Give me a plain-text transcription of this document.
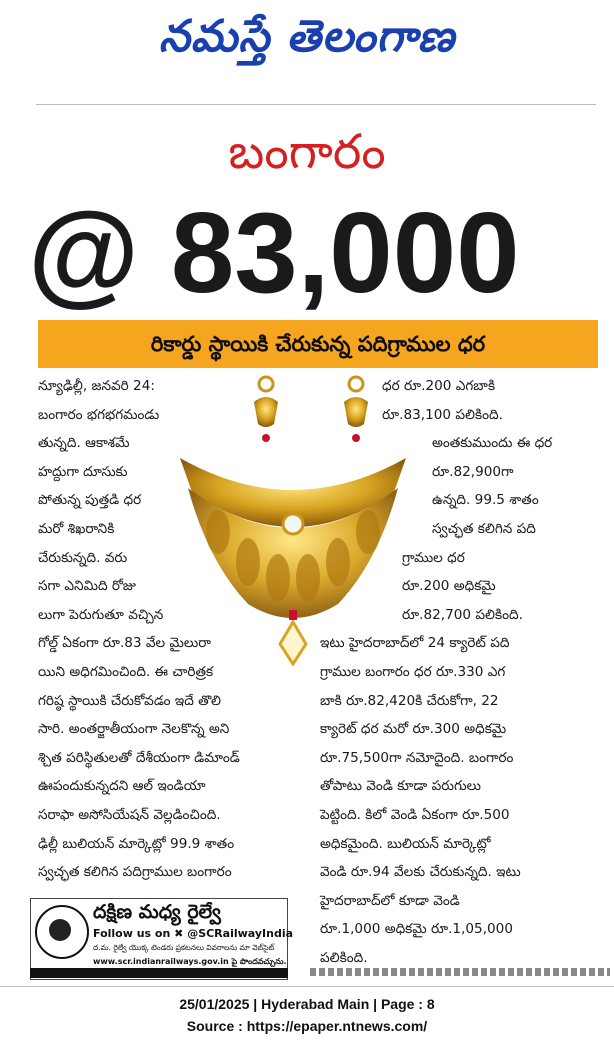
నమస్తే తెలంగాణ
బంగారం
@ 83,000
రికార్డు స్థాయికి చేరుకున్న పదిగ్రాముల ధర

న్యూఢిల్లీ, జనవరి 24:

బంగారం భగభగమండు

తున్నది. ఆకాశమే

హద్దుగా దూసుకు

పోతున్న పుత్తడి ధర

మరో శిఖరానికి

చేరుకున్నది. వరు

సగా ఎనిమిది రోజు

లుగా పెరుగుతూ వచ్చిన

గోల్డ్ ఏకంగా రూ.83 వేల మైలురా

యిని అధిగమించింది. ఈ చారిత్రక

గరిష్ఠ స్థాయికి చేరుకోవడం ఇదే తొలి

సారి. అంతర్జాతీయంగా నెలకొన్న అని

శ్చిత పరిస్థితులతో దేశీయంగా డిమాండ్

ఊపందుకున్నదని ఆల్ ఇండియా

సరాఫా అసోసియేషన్ వెల్లడించింది.

ఢిల్లీ బులియన్ మార్కెట్లో 99.9 శాతం

స్వచ్ఛత కలిగిన పదిగ్రాముల బంగారం

ధర రూ.200 ఎగబాకి

రూ.83,100 పలికింది.

అంతకుముందు ఈ ధర

రూ.82,900గా

ఉన్నది. 99.5 శాతం

స్వచ్ఛత కలిగిన పది

గ్రాముల ధర

రూ.200 అధికమై

రూ.82,700 పలికింది.

ఇటు హైదరాబాద్‌లో 24 క్యారెట్ పది

గ్రాముల బంగారం ధర రూ.330 ఎగ

బాకి రూ.82,420కి చేరుకోగా, 22

క్యారెట్ ధర మరో రూ.300 అధికమై

రూ.75,500గా నమోదైంది. బంగారం

తోపాటు వెండి కూడా పరుగులు

పెట్టింది. కిలో వెండి ఏకంగా రూ.500

అధికమైంది. బులియన్ మార్కెట్లో

వెండి రూ.94 వేలకు చేరుకున్నది. ఇటు

హైదరాబాద్‌లో కూడా వెండి

రూ.1,000 అధికమై రూ.1,05,000

పలికింది.

దక్షిణ మధ్య రైల్వే
Follow us on ✖ @SCRailwayIndia
ద.మ. రైల్వే యొక్క టెండరు ప్రకటనలు వివరాలను మా వెబ్‌సైట్
www.scr.indianrailways.gov.in పై పొందవచ్చును.
25/01/2025 | Hyderabad Main | Page : 8
Source : https://epaper.ntnews.com/
